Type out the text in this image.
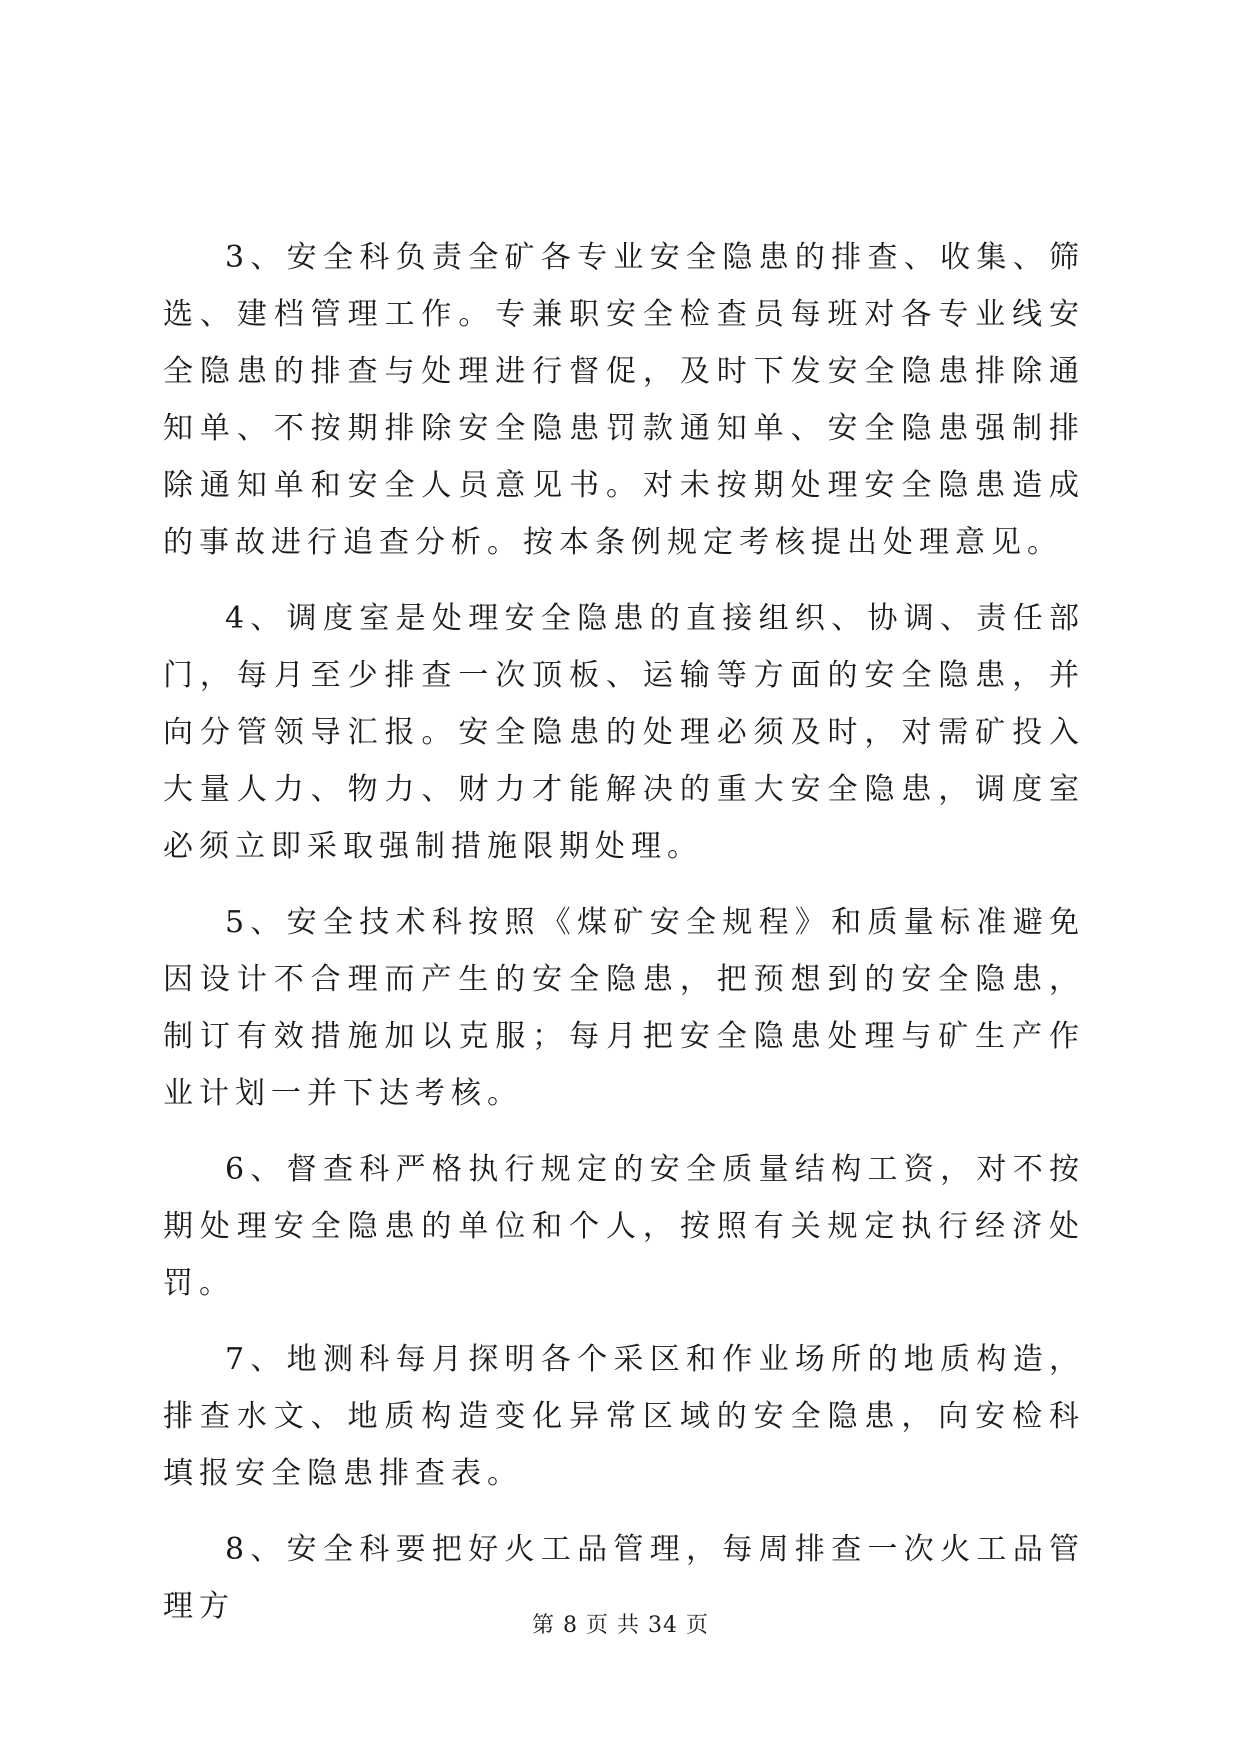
3、安全科负责全矿各专业安全隐患的排查、收集、筛选、建档管理工作。专兼职安全检查员每班对各专业线安全隐患的排查与处理进行督促，及时下发安全隐患排除通知单、不按期排除安全隐患罚款通知单、安全隐患强制排除通知单和安全人员意见书。对未按期处理安全隐患造成的事故进行追查分析。按本条例规定考核提出处理意见。

4、调度室是处理安全隐患的直接组织、协调、责任部门，每月至少排查一次顶板、运输等方面的安全隐患，并向分管领导汇报。安全隐患的处理必须及时，对需矿投入大量人力、物力、财力才能解决的重大安全隐患，调度室必须立即采取强制措施限期处理。

5、安全技术科按照《煤矿安全规程》和质量标准避免因设计不合理而产生的安全隐患，把预想到的安全隐患，制订有效措施加以克服；每月把安全隐患处理与矿生产作业计划一并下达考核。

6、督查科严格执行规定的安全质量结构工资，对不按期处理安全隐患的单位和个人，按照有关规定执行经济处罚。

7、地测科每月探明各个采区和作业场所的地质构造，排查水文、地质构造变化异常区域的安全隐患，向安检科填报安全隐患排查表。

8、安全科要把好火工品管理，每周排查一次火工品管理方

第 8 页 共 34 页
